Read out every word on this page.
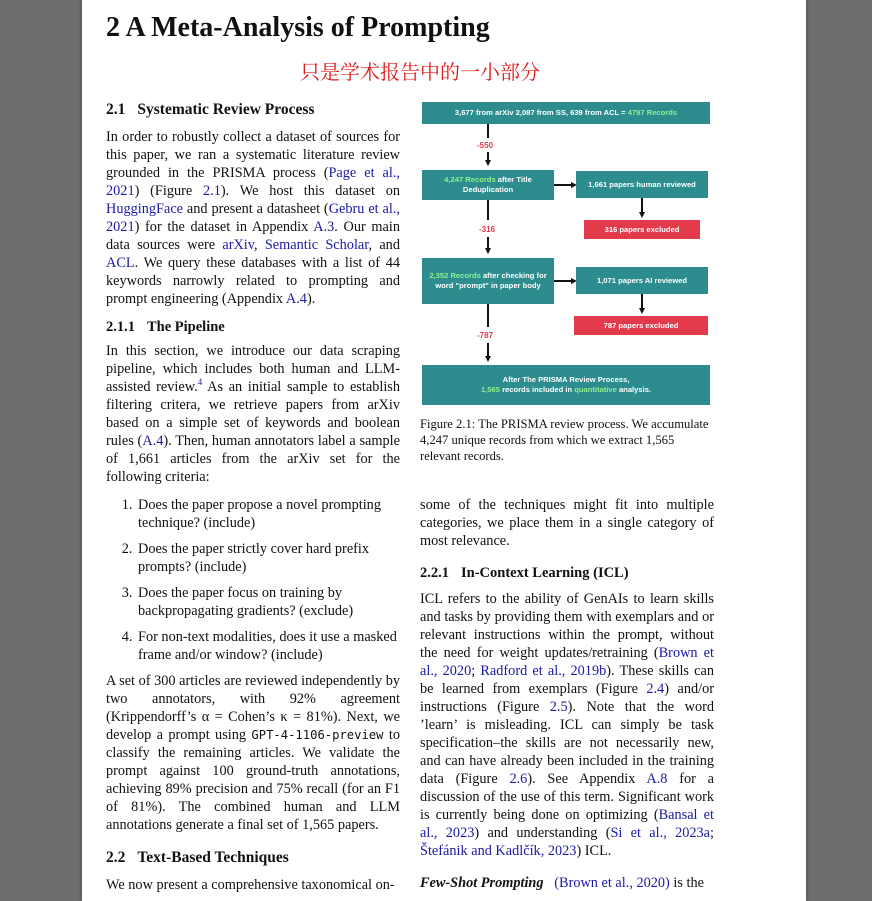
2 A Meta-Analysis of Prompting
只是学术报告中的一小部分
2.1 Systematic Review Process

In order to robustly collect a dataset of sources for this paper, we ran a systematic literature review grounded in the PRISMA process (Page et al., 2021) (Figure 2.1). We host this dataset on HuggingFace and present a datasheet (Gebru et al., 2021) for the dataset in Appendix A.3. Our main data sources were arXiv, Semantic Scholar, and ACL. We query these databases with a list of 44 keywords narrowly related to prompting and prompt engineering (Appendix A.4).

2.1.1 The Pipeline

In this section, we introduce our data scraping pipeline, which includes both human and LLM-assisted review.$^4$ As an initial sample to establish filtering critera, we retrieve papers from arXiv based on a simple set of keywords and boolean rules (A.4). Then, human annotators label a sample of 1,661 articles from the arXiv set for the following criteria:

1. Does the paper propose a novel prompting technique? (include)
2. Does the paper strictly cover hard prefix prompts? (include)
3. Does the paper focus on training by backpropagating gradients? (exclude)
4. For non-text modalities, does it use a masked frame and/or window? (include)

A set of 300 articles are reviewed independently by two annotators, with 92% agreement (Krippendorff’s α = Cohen’s κ = 81%). Next, we develop a prompt using GPT-4-1106-preview to classify the remaining articles. We validate the prompt against 100 ground-truth annotations, achieving 89% precision and 75% recall (for an F1 of 81%). The combined human and LLM annotations generate a final set of 1,565 papers.

2.2 Text-Based Techniques

We now present a comprehensive taxonomical on-

3,677 from arXiv 2,087 from SS, 639 from ACL = 4797 Records
-550
4,247 Records after Title Deduplication
1,661 papers human reviewed
316 papers excluded
-316
2,352 Records after checking for word "prompt" in paper body
1,071 papers AI reviewed
787 papers excluded
-787
After The PRISMA Review Process,
1,565 records included in quantitative analysis.
Figure 2.1: The PRISMA review process. We accumulate 4,247 unique records from which we extract 1,565 relevant records.

some of the techniques might fit into multiple categories, we place them in a single category of most relevance.

2.2.1 In-Context Learning (ICL)

ICL refers to the ability of GenAIs to learn skills and tasks by providing them with exemplars and or relevant instructions within the prompt, without the need for weight updates/retraining (Brown et al., 2020; Radford et al., 2019b). These skills can be learned from exemplars (Figure 2.4) and/or instructions (Figure 2.5). Note that the word ’learn’ is misleading. ICL can simply be task specification–the skills are not necessarily new, and can have already been included in the training data (Figure 2.6). See Appendix A.8 for a discussion of the use of this term. Significant work is currently being done on optimizing (Bansal et al., 2023) and understanding (Si et al., 2023a; Štefánik and Kadlčík, 2023) ICL.

Few-Shot Prompting (Brown et al., 2020) is the
